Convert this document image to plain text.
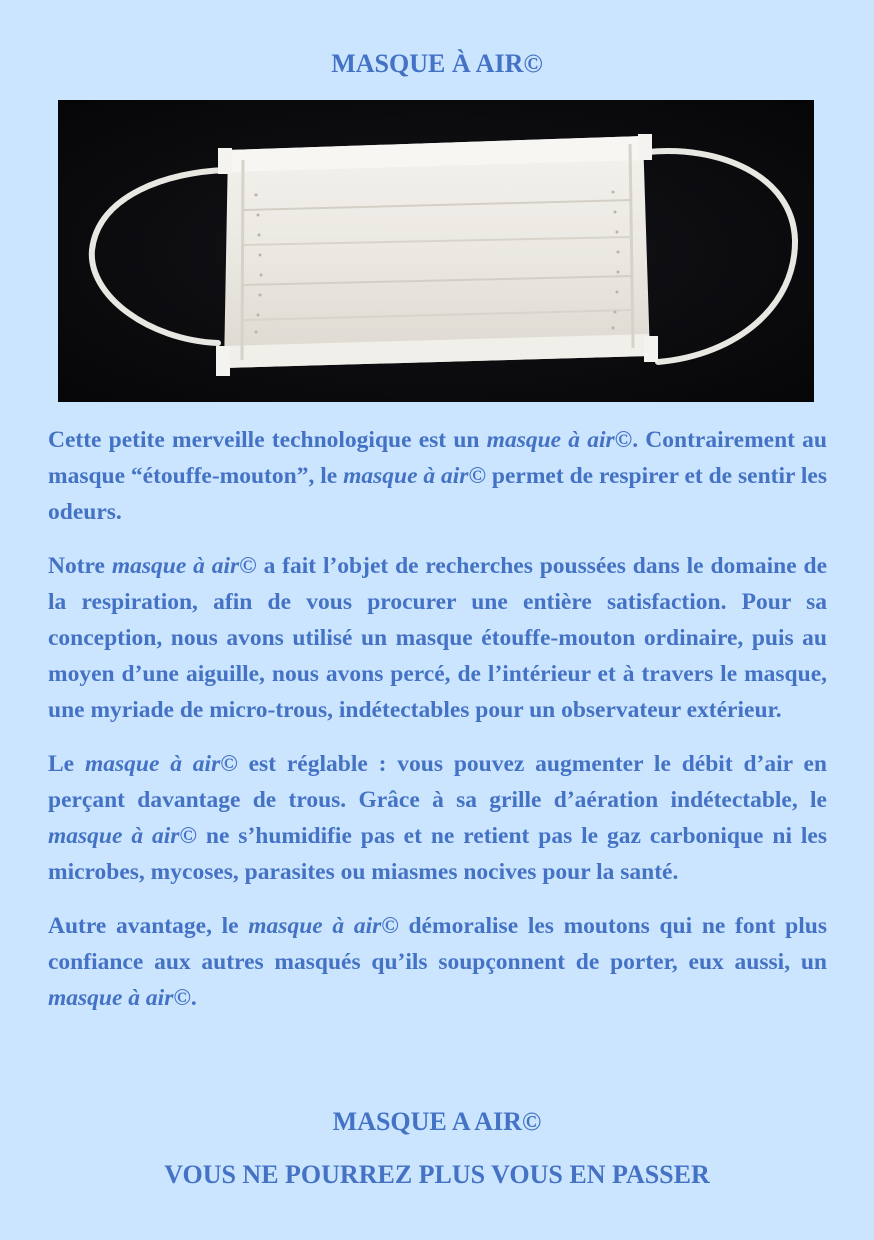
MASQUE À AIR©

Cette petite merveille technologique est un masque à air©. Contrairement au masque “étouffe-mouton”, le masque à air© permet de respirer et de sentir les odeurs.

Notre masque à air© a fait l’objet de recherches poussées dans le domaine de la respiration, afin de vous procurer une entière satisfaction. Pour sa conception, nous avons utilisé un masque étouffe-mouton ordinaire, puis au moyen d’une aiguille, nous avons percé, de l’intérieur et à travers le masque, une myriade de micro-trous, indétectables pour un observateur extérieur.

Le masque à air© est réglable : vous pouvez augmenter le débit d’air en perçant davantage de trous. Grâce à sa grille d’aération indétectable, le masque à air© ne s’humidifie pas et ne retient pas le gaz carbonique ni les microbes, mycoses, parasites ou miasmes nocives pour la santé.

Autre avantage, le masque à air© démoralise les moutons qui ne font plus confiance aux autres masqués qu’ils soupçonnent de porter, eux aussi, un masque à air©.

MASQUE A AIR©
VOUS NE POURREZ PLUS VOUS EN PASSER
